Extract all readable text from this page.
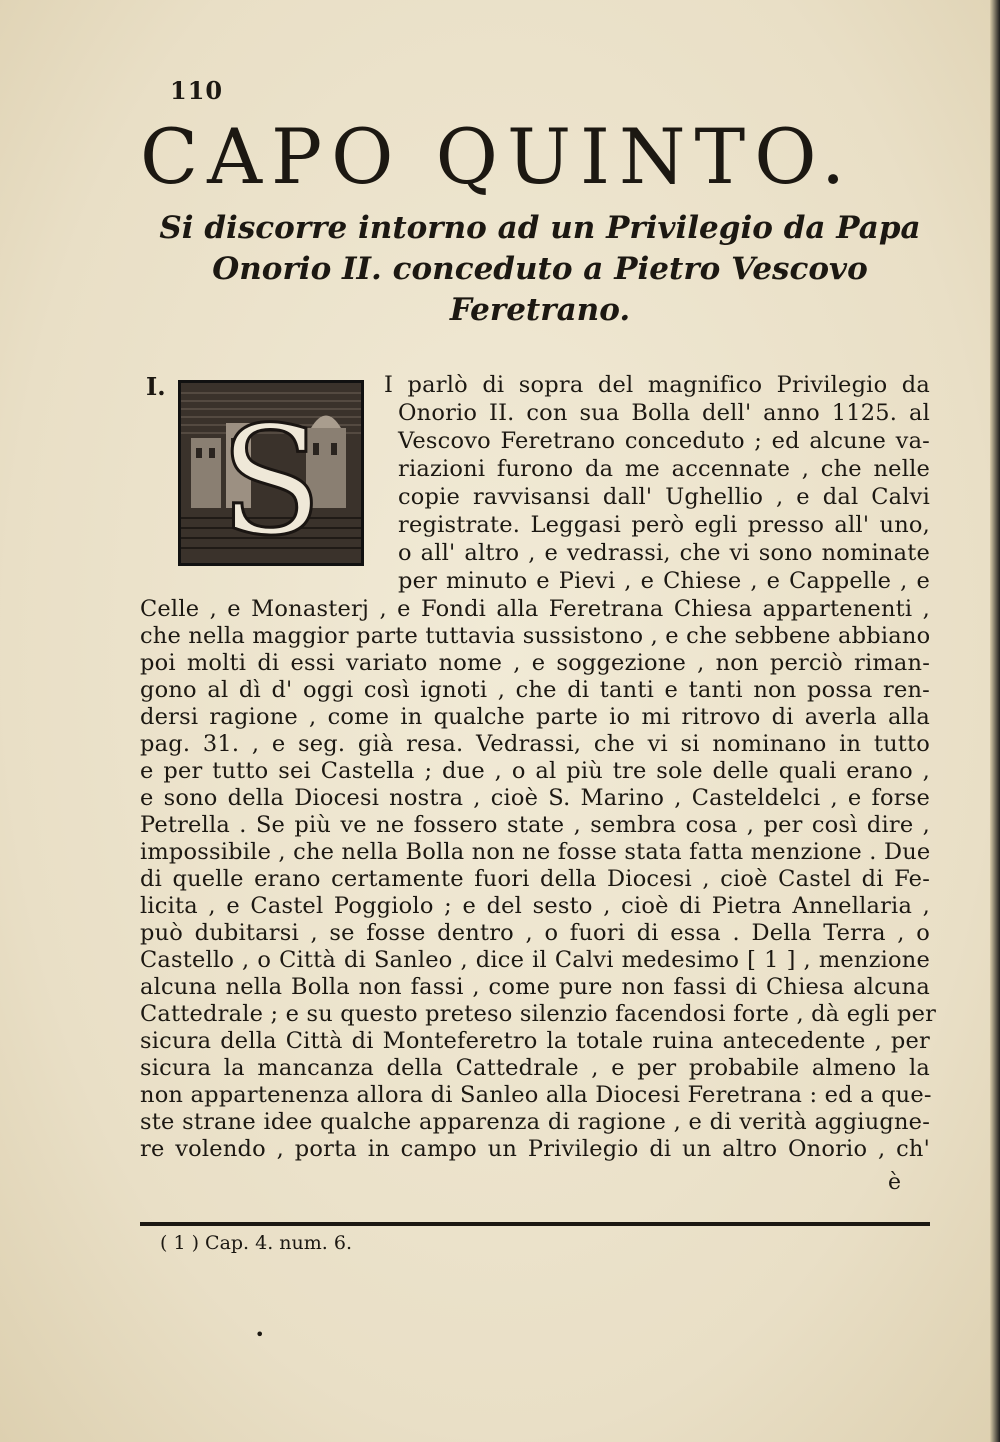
110
CAPO QUINTO.
Si discorre intorno ad un Privilegio da Papa
Onorio II. conceduto a Pietro Vescovo
Feretrano.
I.
S
I parlò di sopra del magnifico Privilegio da
Onorio II. con sua Bolla dell' anno 1125. al
Vescovo Feretrano conceduto ; ed alcune va-
riazioni furono da me accennate , che nelle
copie ravvisansi dall' Ughellio , e dal Calvi
registrate. Leggasi però egli presso all' uno,
o all' altro , e vedrassi, che vi sono nominate
per minuto e Pievi , e Chiese , e Cappelle , e
Celle , e Monasterj , e Fondi alla Feretrana Chiesa appartenenti ,
che nella maggior parte tuttavia sussistono , e che sebbene abbiano
poi molti di essi variato nome , e soggezione , non perciò riman-
gono al dì d' oggi così ignoti , che di tanti e tanti non possa ren-
dersi ragione , come in qualche parte io mi ritrovo di averla alla
pag. 31. , e seg. già resa. Vedrassi, che vi si nominano in tutto
e per tutto sei Castella ; due , o al più tre sole delle quali erano ,
e sono della Diocesi nostra , cioè S. Marino , Casteldelci , e forse
Petrella . Se più ve ne fossero state , sembra cosa , per così dire ,
impossibile , che nella Bolla non ne fosse stata fatta menzione . Due
di quelle erano certamente fuori della Diocesi , cioè Castel di Fe-
licita , e Castel Poggiolo ; e del sesto , cioè di Pietra Annellaria ,
può dubitarsi , se fosse dentro , o fuori di essa . Della Terra , o
Castello , o Città di Sanleo , dice il Calvi medesimo [ 1 ] , menzione
alcuna nella Bolla non fassi , come pure non fassi di Chiesa alcuna
Cattedrale ; e su questo preteso silenzio facendosi forte , dà egli per
sicura della Città di Monteferetro la totale ruina antecedente , per
sicura la mancanza della Cattedrale , e per probabile almeno la
non appartenenza allora di Sanleo alla Diocesi Feretrana : ed a que-
ste strane idee qualche apparenza di ragione , e di verità aggiugne-
re volendo , porta in campo un Privilegio di un altro Onorio , ch'
è
( 1 ) Cap. 4. num. 6.
•
